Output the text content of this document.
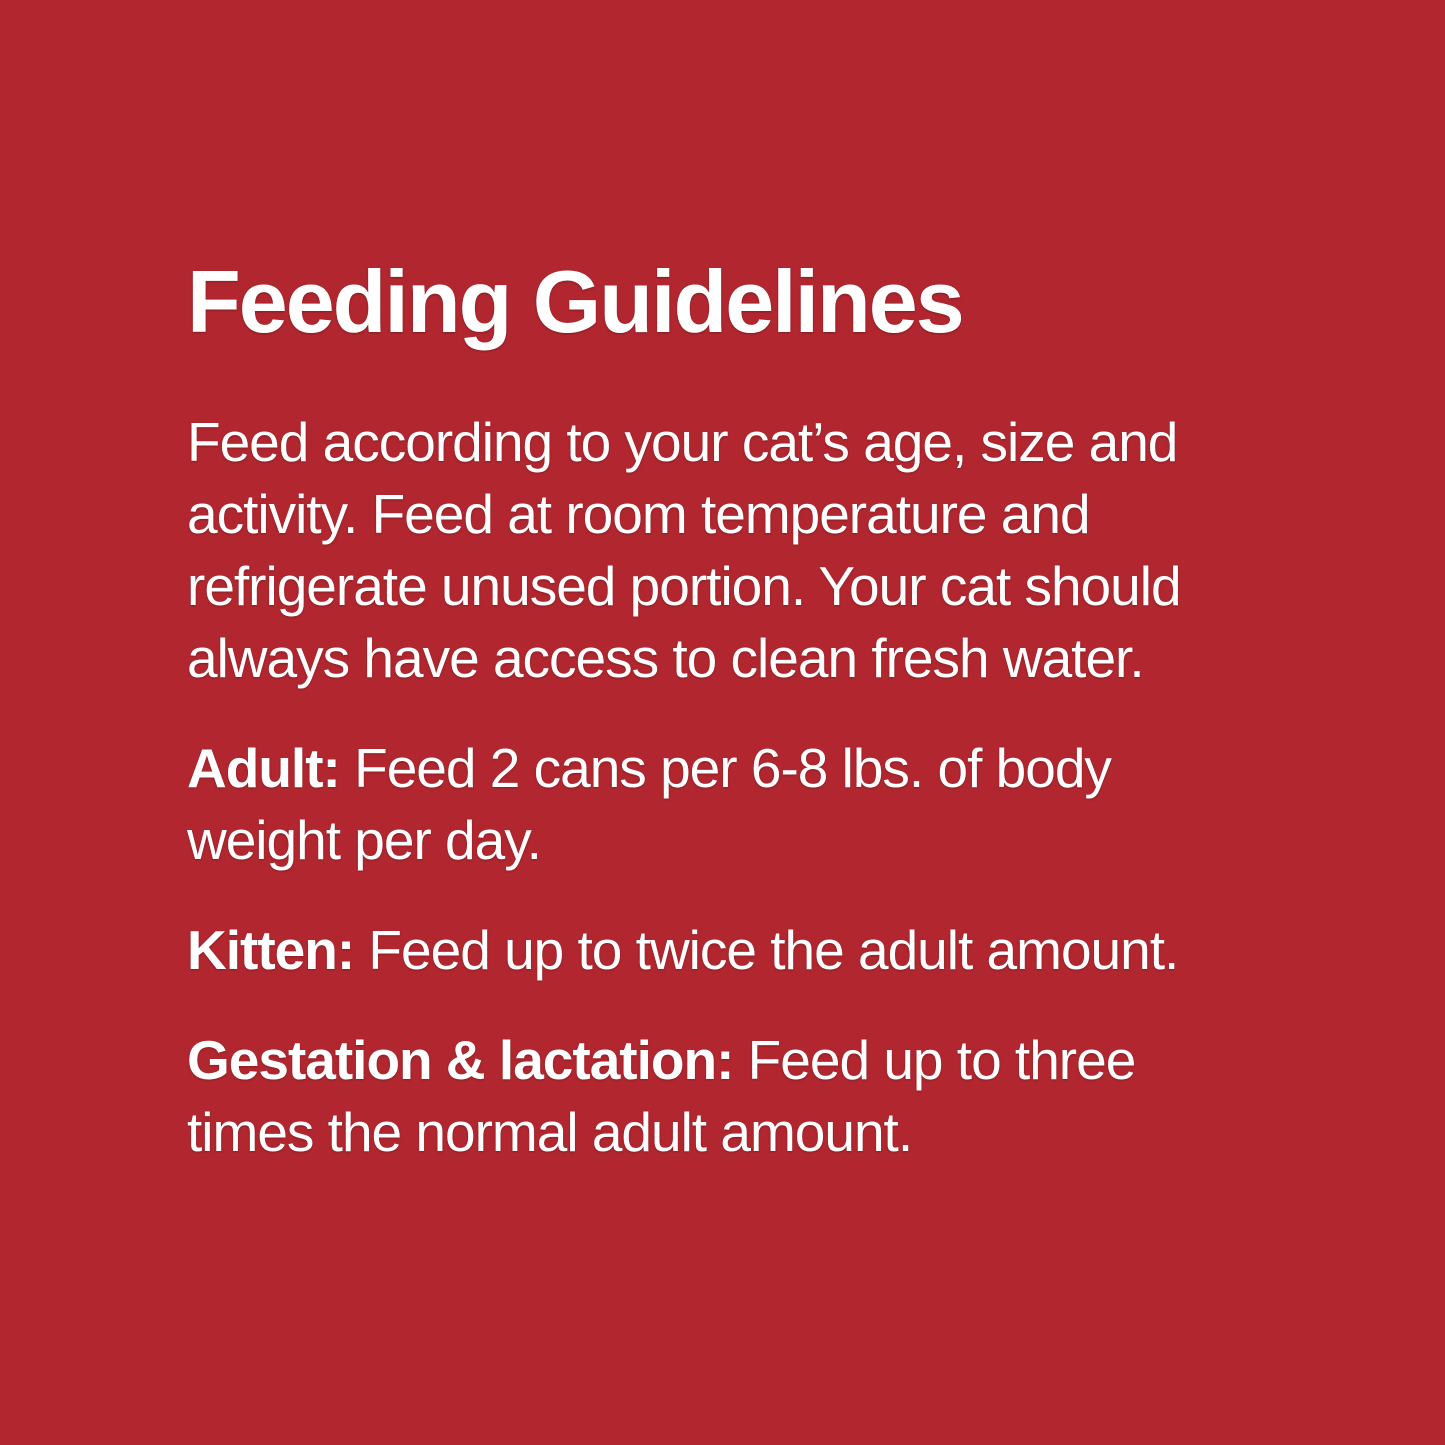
Feeding Guidelines
Feed according to your cat’s age, size and
activity. Feed at room temperature and
refrigerate unused portion. Your cat should
always have access to clean fresh water.
Adult: Feed 2 cans per 6-8 lbs. of body
weight per day.
Kitten: Feed up to twice the adult amount.
Gestation & lactation: Feed up to three
times the normal adult amount.
